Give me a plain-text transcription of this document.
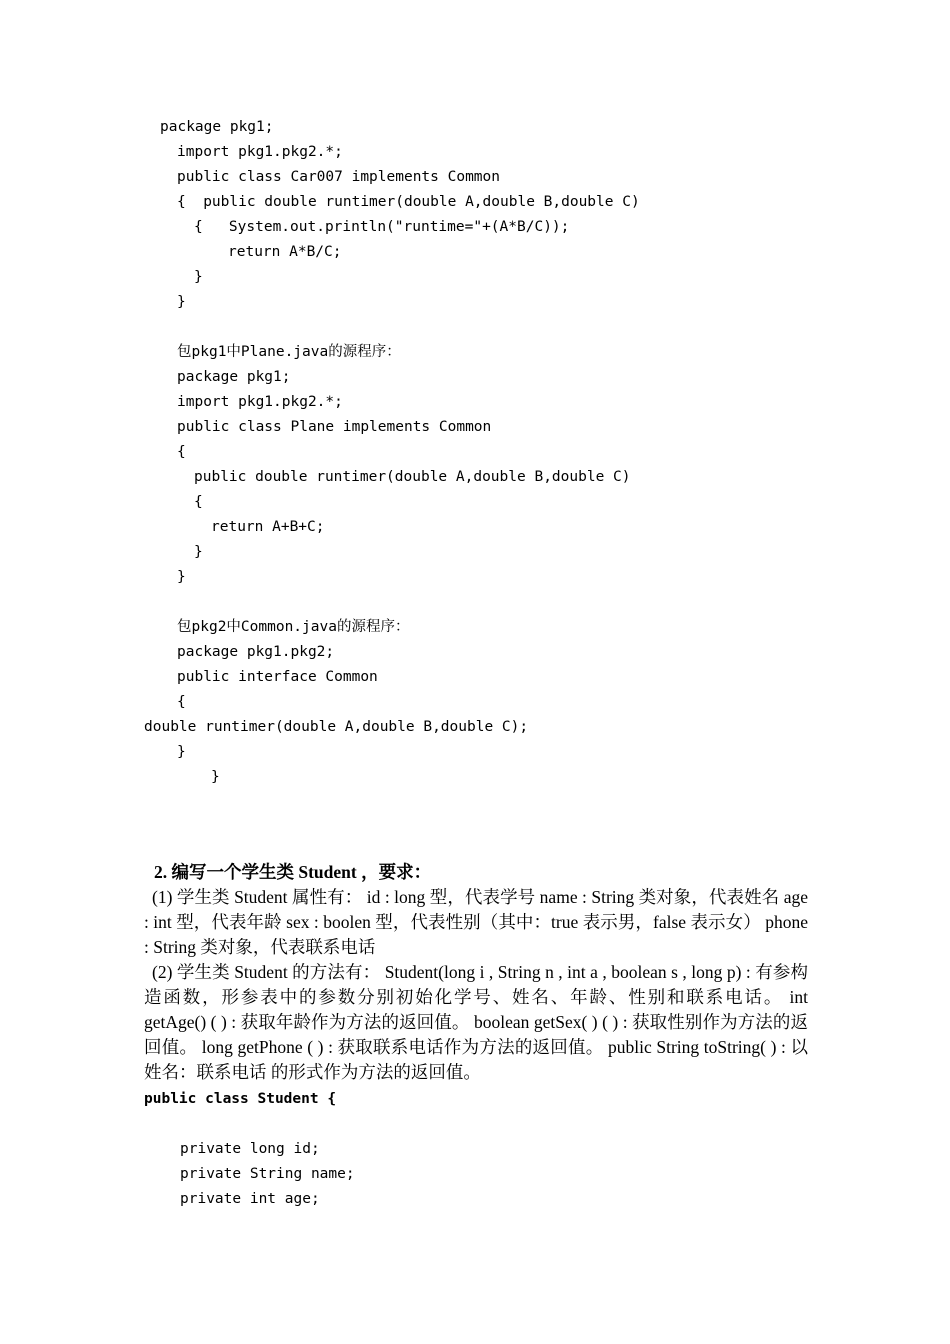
package pkg1;

import pkg1.pkg2.*;

public class Car007 implements Common

{  public double runtimer(double A,double B,double C)

{   System.out.println("runtime="+(A*B/C));

return A*B/C;

}

}

包pkg1中Plane.java的源程序：

package pkg1;

import pkg1.pkg2.*;

public class Plane implements Common

{

public double runtimer(double A,double B,double C)

{

return A+B+C;

}

}

包pkg2中Common.java的源程序：

package pkg1.pkg2;

public interface Common

{

double runtimer(double A,double B,double C);

}

}

2. 编写一个学生类 Student ，要求：

(1) 学生类 Student 属性有： id : long 型，代表学号 name : String 类对象，代表姓名 age : int 型，代表年龄 sex : boolen 型，代表性别（其中：true 表示男，false 表示女） phone : String 类对象，代表联系电话

(2) 学生类 Student 的方法有： Student(long i , String n , int a , boolean s , long p) : 有参构造函数，形参表中的参数分别初始化学号、姓名、年龄、性别和联系电话。 int getAge() ( ) : 获取年龄作为方法的返回值。 boolean getSex( ) ( ) : 获取性别作为方法的返回值。 long getPhone ( ) : 获取联系电话作为方法的返回值。 public String toString( ) : 以 姓名：联系电话 的形式作为方法的返回值。

public class Student {

private long id;

private String name;

private int age;
